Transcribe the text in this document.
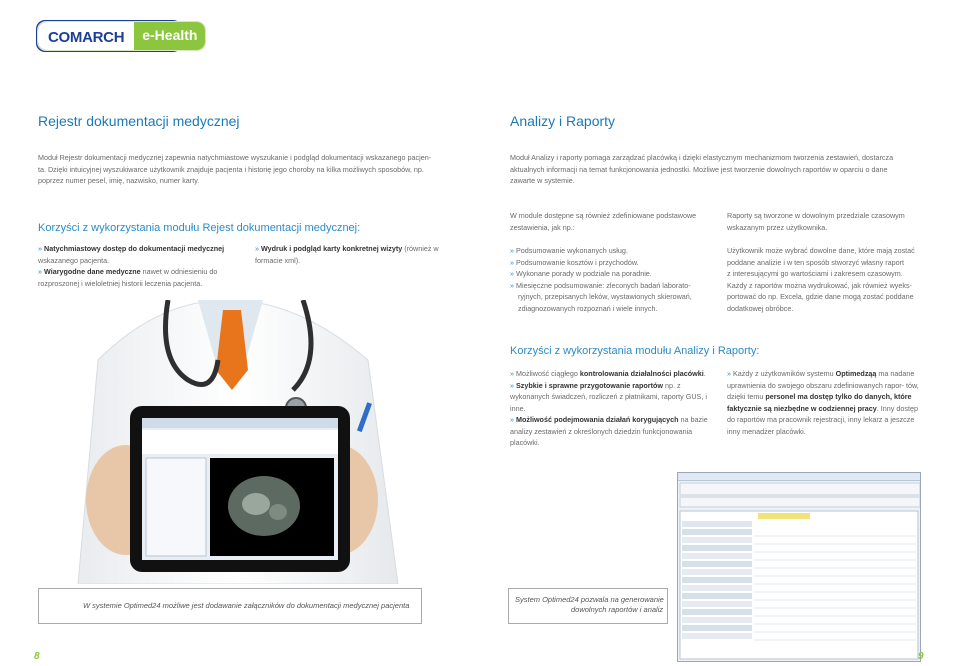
COMARCH	e-Health
Rejestr dokumentacji medycznej
Moduł Rejestr dokumentacji medycznej zapewnia natychmiastowe wyszukanie i podgląd dokumentacji wskazanego pacjen-
ta. Dzięki intuicyjnej wyszukiwarce użytkownik znajduje pacjenta i historię jego choroby na kilka możliwych sposobów, np.
poprzez numer pesel, imię, nazwisko, numer karty.
Korzyści z wykorzystania modułu Rejest dokumentacji medycznej:
» Natychmiastowy dostęp do dokumentacji medycznej wskazanego pacjenta.
» Wiarygodne dane medyczne nawet w odniesieniu do rozproszonej i wieloletniej historii leczenia pacjenta.
» Wydruk i podgląd karty konkretnej wizyty (również w formacie xml).
W systemie Optimed24 możliwe jest dodawanie załączników do dokumentacji medycznej pacjenta
8
Analizy i Raporty
Moduł Analizy i raporty pomaga zarządzać placówką i dzięki elastycznym mechanizmom tworzenia zestawień, dostarcza
aktualnych informacji na temat funkcjonowania jednostki. Możliwe jest tworzenie dowolnych raportów w oparciu o dane
zawarte w systemie.
W module dostępne są również zdefiniowane podstawowe
zestawienia, jak np.:
» Podsumowanie wykonanych usług.
» Podsumowanie kosztów i przychodów.
» Wykonane porady w podziale na poradnie.
» Miesięczne podsumowanie: zleconych badań laborato-
ryjnych, przepisanych leków, wystawionych skierowań,
zdiagnozowanych rozpoznań i wiele innych.
Raporty są tworzone w dowolnym przedziale czasowym
wskazanym przez użytkownika.
Użytkownik może wybrać dowolne dane, które mają zostać
poddane analizie i w ten sposób stworzyć własny raport
z interesującymi go wartościami i zakresem czasowym.
Każdy z raportów można wydrukować, jak również wyeks-
portować do np. Excela, gdzie dane mogą zostać poddane
dodatkowej obróbce.
Korzyści z wykorzystania modułu Analizy i Raporty:
» Możliwość ciągłego kontrolowania działalności placówki.
» Szybkie i sprawne przygotowanie raportów np. z wykonanych świadczeń, rozliczeń z płatnikami, raporty GUS, i inne.
» Możliwość podejmowania działań korygujących na bazie analizy zestawień z określonych dziedzin funkcjonowania placówki.
» Każdy z użytkowników systemu Optimedząą ma nadane uprawnienia do swojego obszaru zdefiniowanych rapor- tów, dzięki temu personel ma dostęp tylko do danych, które faktycznie są niezbędne w codziennej pracy. Inny dostęp do raportów ma pracownik rejestracji, inny lekarz a jeszcze inny menadżer placówki.
System Optimed24 pozwala na generowanie
dowolnych raportów i analiz
9
